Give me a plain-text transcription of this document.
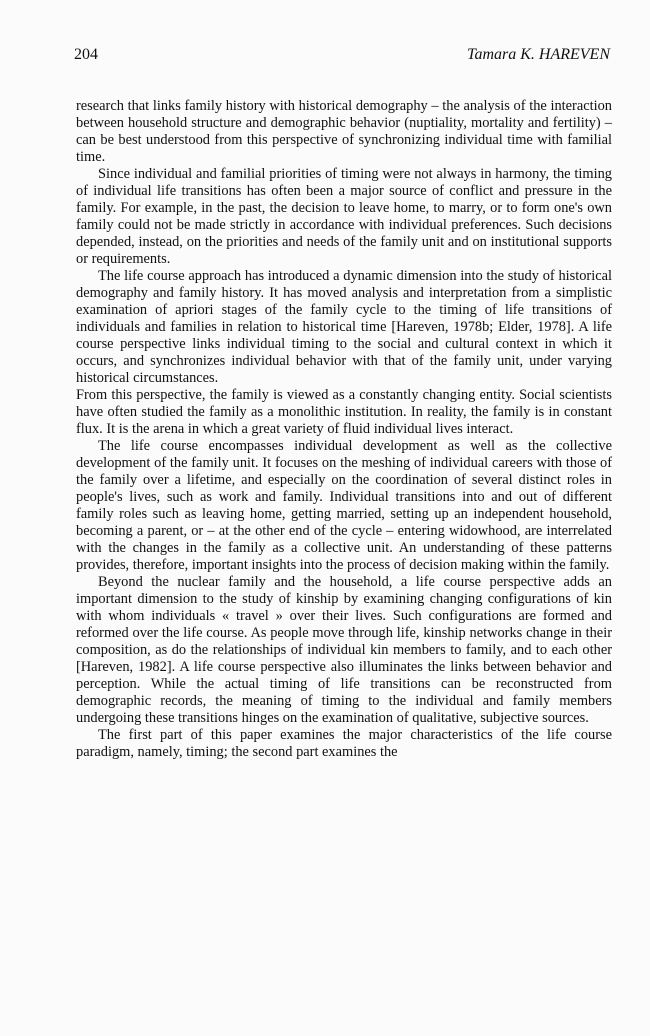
204	Tamara K. HAREVEN

research that links family history with historical demography – the analysis of the interaction between household structure and demographic behavior (nuptiality, mortality and fertility) – can be best understood from this perspective of synchronizing individual time with familial time.

Since individual and familial priorities of timing were not always in harmony, the timing of individual life transitions has often been a major source of conflict and pressure in the family. For example, in the past, the decision to leave home, to marry, or to form one's own family could not be made strictly in accordance with individual preferences. Such decisions depended, instead, on the priorities and needs of the family unit and on institutional supports or requirements.

The life course approach has introduced a dynamic dimension into the study of historical demography and family history. It has moved analysis and interpretation from a simplistic examination of apriori stages of the family cycle to the timing of life transitions of individuals and families in relation to historical time [Hareven, 1978b; Elder, 1978]. A life course perspective links individual timing to the social and cultural context in which it occurs, and synchronizes individual behavior with that of the family unit, under varying historical circumstances.

From this perspective, the family is viewed as a constantly changing entity. Social scientists have often studied the family as a monolithic institution. In reality, the family is in constant flux. It is the arena in which a great variety of fluid individual lives interact.

The life course encompasses individual development as well as the collective development of the family unit. It focuses on the meshing of individual careers with those of the family over a lifetime, and especially on the coordination of several distinct roles in people's lives, such as work and family. Individual transitions into and out of different family roles such as leaving home, getting married, setting up an independent household, becoming a parent, or – at the other end of the cycle – entering widowhood, are interrelated with the changes in the family as a collective unit. An understanding of these patterns provides, therefore, important insights into the process of decision making within the family.

Beyond the nuclear family and the household, a life course perspective adds an important dimension to the study of kinship by examining changing configurations of kin with whom individuals « travel » over their lives. Such configurations are formed and reformed over the life course. As people move through life, kinship networks change in their composition, as do the relationships of individual kin members to family, and to each other [Hareven, 1982]. A life course perspective also illuminates the links between behavior and perception. While the actual timing of life transitions can be reconstructed from demographic records, the meaning of timing to the individual and family members undergoing these transitions hinges on the examination of qualitative, subjective sources.

The first part of this paper examines the major characteristics of the life course paradigm, namely, timing; the second part examines the
